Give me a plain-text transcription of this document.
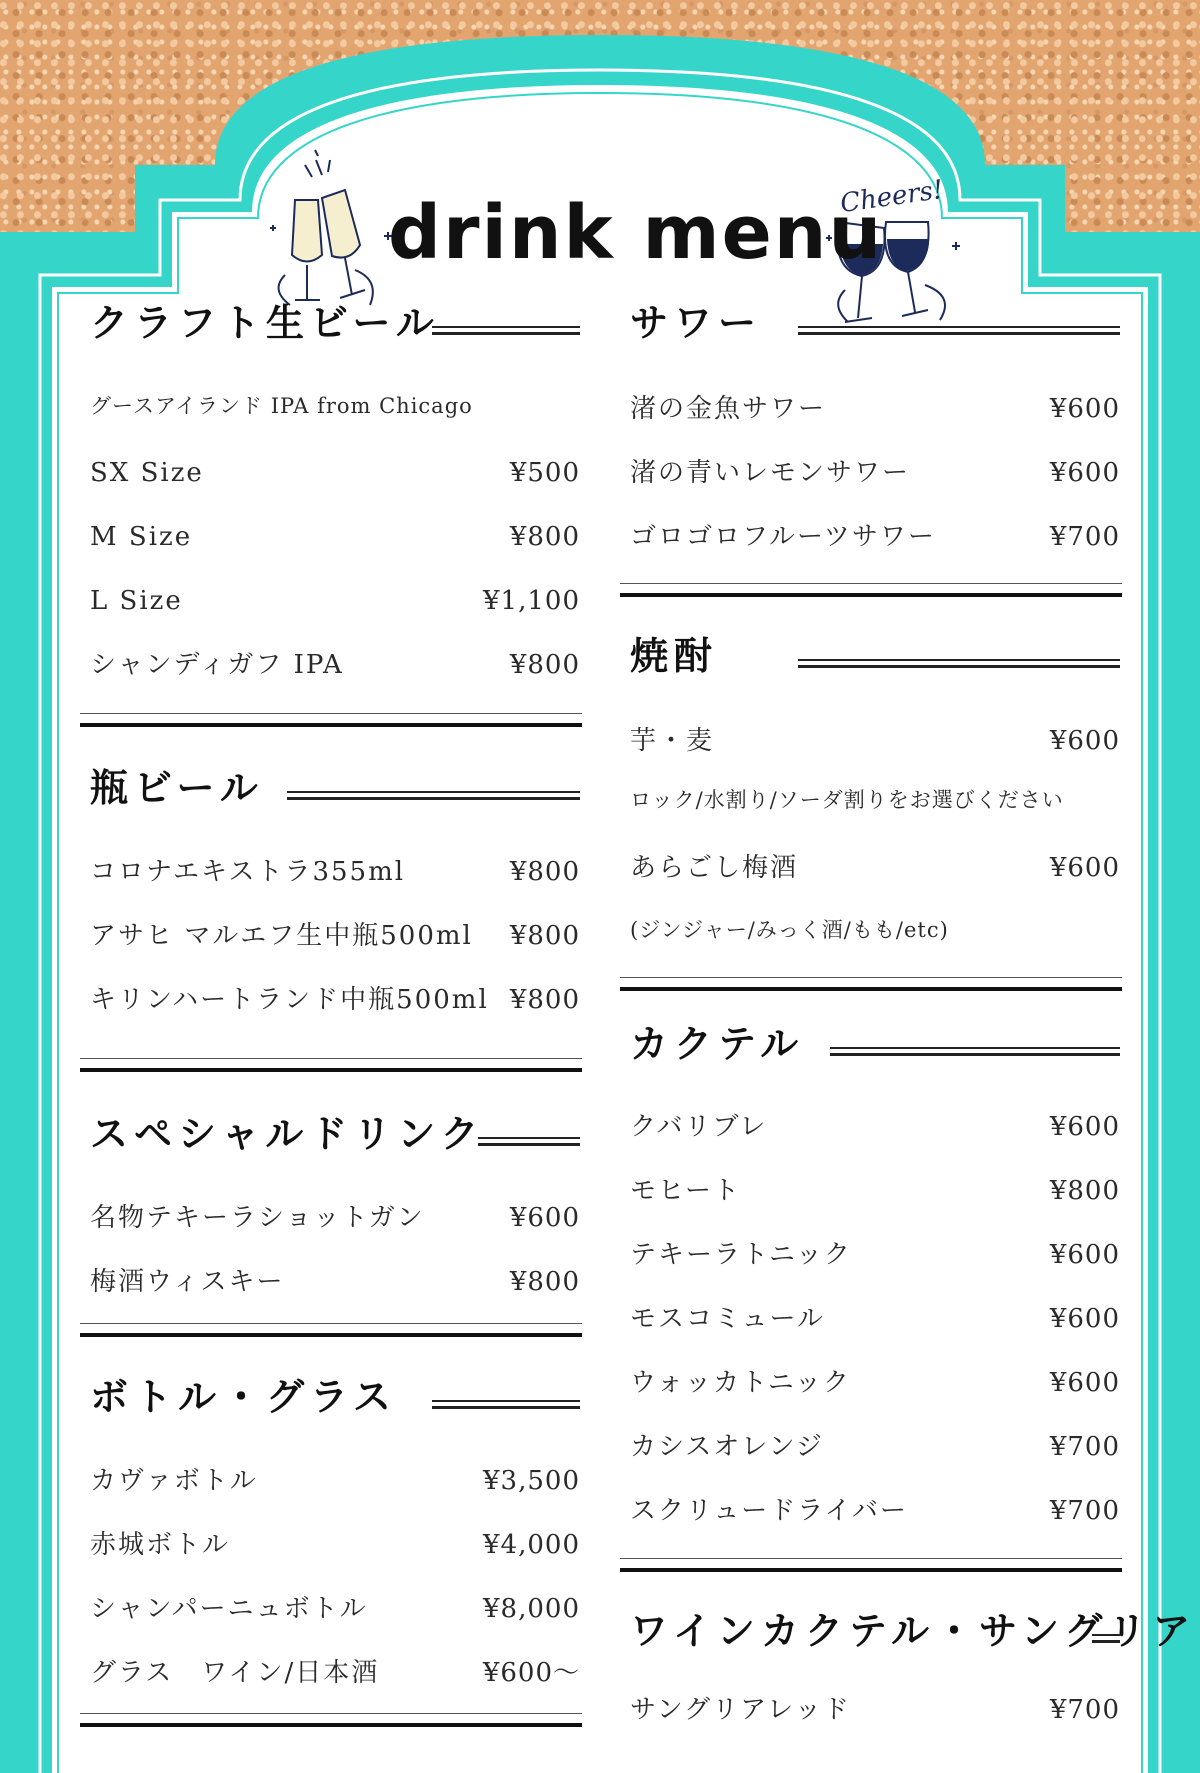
drink menu
Cheers!
クラフト生ビール
グースアイランド IPA from Chicago
SX Size	¥500
M Size	¥800
L Size	¥1,100
シャンディガフ IPA	¥800
瓶ビール
コロナエキストラ355ml	¥800
アサヒ マルエフ生中瓶500ml ¥800
キリンハートランド中瓶500ml ¥800
スペシャルドリンク
名物テキーラショットガン	¥600
梅酒ウィスキー	¥800
ボトル・グラス
カヴァボトル	¥3,500
赤城ボトル	¥4,000
シャンパーニュボトル	¥8,000
グラス　ワイン/日本酒	¥600～
サワー
渚の金魚サワー	¥600
渚の青いレモンサワー	¥600
ゴロゴロフルーツサワー	¥700
焼酎
芋・麦	¥600
ロック/水割り/ソーダ割りをお選びください
あらごし梅酒	¥600
(ジンジャー/みっく酒/もも/etc)
カクテル
クバリブレ	¥600
モヒート	¥800
テキーラトニック	¥600
モスコミュール	¥600
ウォッカトニック	¥600
カシスオレンジ	¥700
スクリュードライバー	¥700
ワインカクテル・サングリア
サングリアレッド	¥700
